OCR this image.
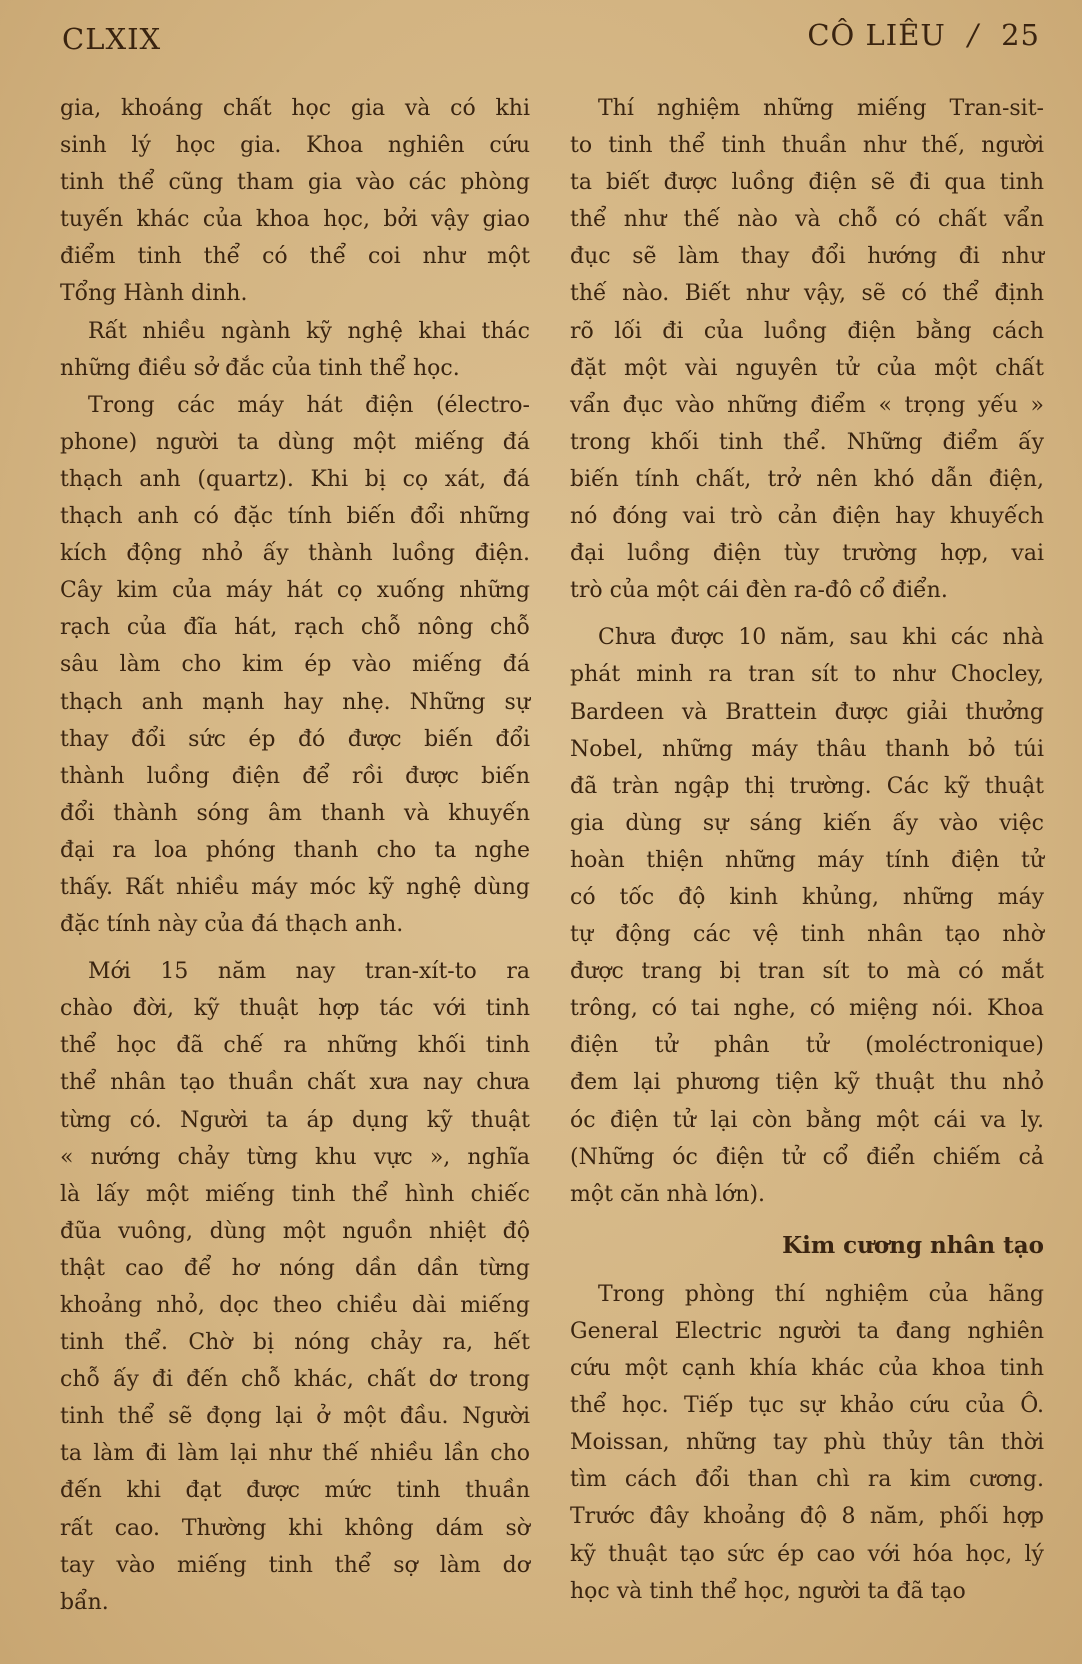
CLXIX	CÔ LIÊU / 25
gia, khoáng chất học gia và có khi
sinh lý học gia. Khoa nghiên cứu
tinh thể cũng tham gia vào các phòng
tuyến khác của khoa học, bởi vậy giao
điểm tinh thể có thể coi như một
Tổng Hành dinh.
Rất nhiều ngành kỹ nghệ khai thác
những điều sở đắc của tinh thể học.
Trong các máy hát điện (électro-
phone) người ta dùng một miếng đá
thạch anh (quartz). Khi bị cọ xát, đá
thạch anh có đặc tính biến đổi những
kích động nhỏ ấy thành luồng điện.
Cây kim của máy hát cọ xuống những
rạch của đĩa hát, rạch chỗ nông chỗ
sâu làm cho kim ép vào miếng đá
thạch anh mạnh hay nhẹ. Những sự
thay đổi sức ép đó được biến đổi
thành luồng điện để rồi được biến
đổi thành sóng âm thanh và khuyến
đại ra loa phóng thanh cho ta nghe
thấy. Rất nhiều máy móc kỹ nghệ dùng
đặc tính này của đá thạch anh.
Mới 15 năm nay tran-xít-to ra
chào đời, kỹ thuật hợp tác với tinh
thể học đã chế ra những khối tinh
thể nhân tạo thuần chất xưa nay chưa
từng có. Người ta áp dụng kỹ thuật
« nướng chảy từng khu vực », nghĩa
là lấy một miếng tinh thể hình chiếc
đũa vuông, dùng một nguồn nhiệt độ
thật cao để hơ nóng dần dần từng
khoảng nhỏ, dọc theo chiều dài miếng
tinh thể. Chờ bị nóng chảy ra, hết
chỗ ấy đi đến chỗ khác, chất dơ trong
tinh thể sẽ đọng lại ở một đầu. Người
ta làm đi làm lại như thế nhiều lần cho
đến khi đạt được mức tinh thuần
rất cao. Thường khi không dám sờ
tay vào miếng tinh thể sợ làm dơ
bẩn.
Thí nghiệm những miếng Tran-sit-
to tinh thể tinh thuần như thế, người
ta biết được luồng điện sẽ đi qua tinh
thể như thế nào và chỗ có chất vẩn
đục sẽ làm thay đổi hướng đi như
thế nào. Biết như vậy, sẽ có thể định
rõ lối đi của luồng điện bằng cách
đặt một vài nguyên tử của một chất
vẩn đục vào những điểm « trọng yếu »
trong khối tinh thể. Những điểm ấy
biến tính chất, trở nên khó dẫn điện,
nó đóng vai trò cản điện hay khuyếch
đại luồng điện tùy trường hợp, vai
trò của một cái đèn ra-đô cổ điển.
Chưa được 10 năm, sau khi các nhà
phát minh ra tran sít to như Chocley,
Bardeen và Brattein được giải thưởng
Nobel, những máy thâu thanh bỏ túi
đã tràn ngập thị trường. Các kỹ thuật
gia dùng sự sáng kiến ấy vào việc
hoàn thiện những máy tính điện tử
có tốc độ kinh khủng, những máy
tự động các vệ tinh nhân tạo nhờ
được trang bị tran sít to mà có mắt
trông, có tai nghe, có miệng nói. Khoa
điện tử phân tử (moléctronique)
đem lại phương tiện kỹ thuật thu nhỏ
óc điện tử lại còn bằng một cái va ly.
(Những óc điện tử cổ điển chiếm cả
một căn nhà lớn).
Kim cương nhân tạo
Trong phòng thí nghiệm của hãng
General Electric người ta đang nghiên
cứu một cạnh khía khác của khoa tinh
thể học. Tiếp tục sự khảo cứu của Ô.
Moissan, những tay phù thủy tân thời
tìm cách đổi than chì ra kim cương.
Trước đây khoảng độ 8 năm, phối hợp
kỹ thuật tạo sức ép cao với hóa học, lý
học và tinh thể học, người ta đã tạo
